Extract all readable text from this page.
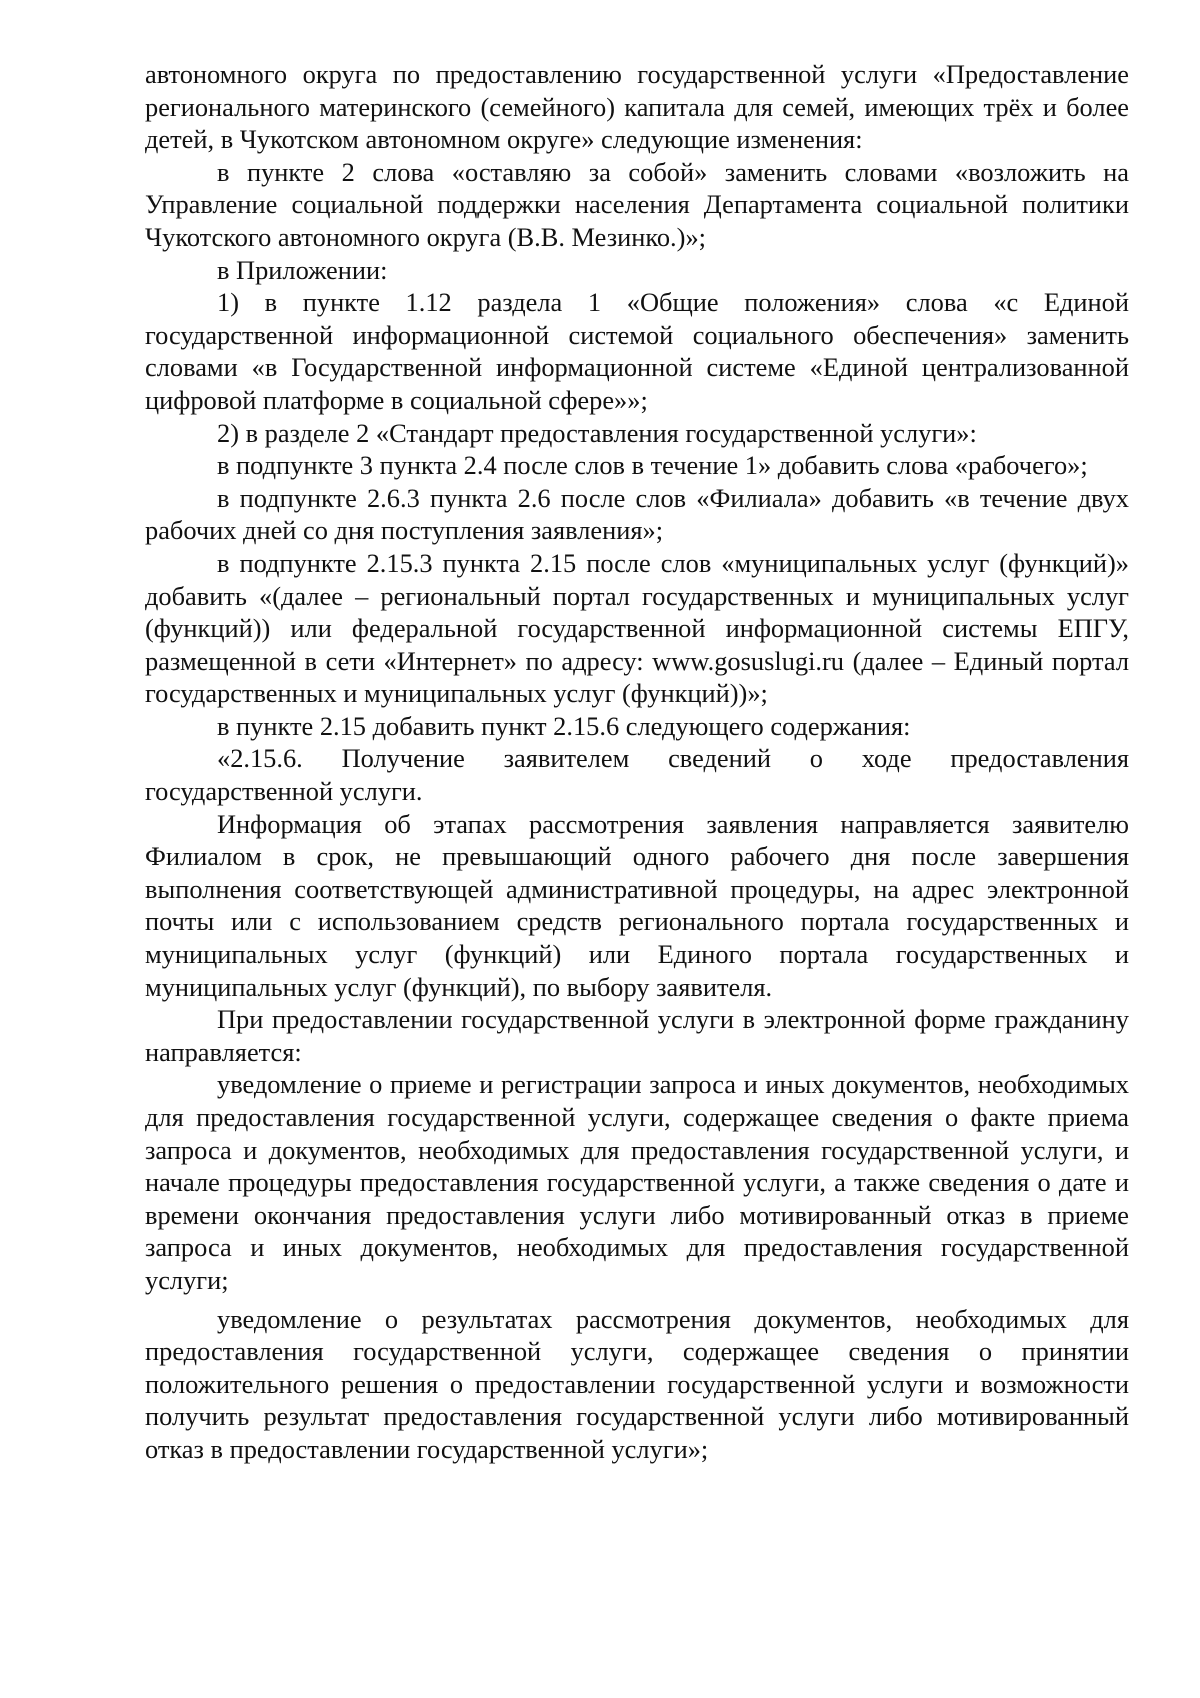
автономного округа по предоставлению государственной услуги «Предоставление регионального материнского (семейного) капитала для семей, имеющих трёх и более детей, в Чукотском автономном округе» следующие изменения:

в пункте 2 слова «оставляю за собой» заменить словами «возложить на Управление социальной поддержки населения Департамента социальной политики Чукотского автономного округа (В.В. Мезинко.)»;

в Приложении:

1) в пункте 1.12 раздела 1 «Общие положения» слова «с Единой государственной информационной системой социального обеспечения» заменить словами «в Государственной информационной системе «Единой централизованной цифровой платформе в социальной сфере»»;

2) в разделе 2 «Стандарт предоставления государственной услуги»:

в подпункте 3 пункта 2.4 после слов в течение 1» добавить слова «рабочего»;

в подпункте 2.6.3 пункта 2.6 после слов «Филиала» добавить «в течение двух рабочих дней со дня поступления заявления»;

в подпункте 2.15.3 пункта 2.15 после слов «муниципальных услуг (функций)» добавить «(далее – региональный портал государственных и муниципальных услуг (функций)) или федеральной государственной информационной системы ЕПГУ, размещенной в сети «Интернет» по адресу: www.gosuslugi.ru (далее – Единый портал государственных и муниципальных услуг (функций))»;

в пункте 2.15 добавить пункт 2.15.6 следующего содержания:

«2.15.6. Получение заявителем сведений о ходе предоставления государственной услуги.

Информация об этапах рассмотрения заявления направляется заявителю Филиалом в срок, не превышающий одного рабочего дня после завершения выполнения соответствующей административной процедуры, на адрес электронной почты или с использованием средств регионального портала государственных и муниципальных услуг (функций) или Единого портала государственных и муниципальных услуг (функций), по выбору заявителя.

При предоставлении государственной услуги в электронной форме гражданину направляется:

уведомление о приеме и регистрации запроса и иных документов, необходимых для предоставления государственной услуги, содержащее сведения о факте приема запроса и документов, необходимых для предоставления государственной услуги, и начале процедуры предоставления государственной услуги, а также сведения о дате и времени окончания предоставления услуги либо мотивированный отказ в приеме запроса и иных документов, необходимых для предоставления государственной услуги;

уведомление о результатах рассмотрения документов, необходимых для предоставления государственной услуги, содержащее сведения о принятии положительного решения о предоставлении государственной услуги и возможности получить результат предоставления государственной услуги либо мотивированный отказ в предоставлении государственной услуги»;
